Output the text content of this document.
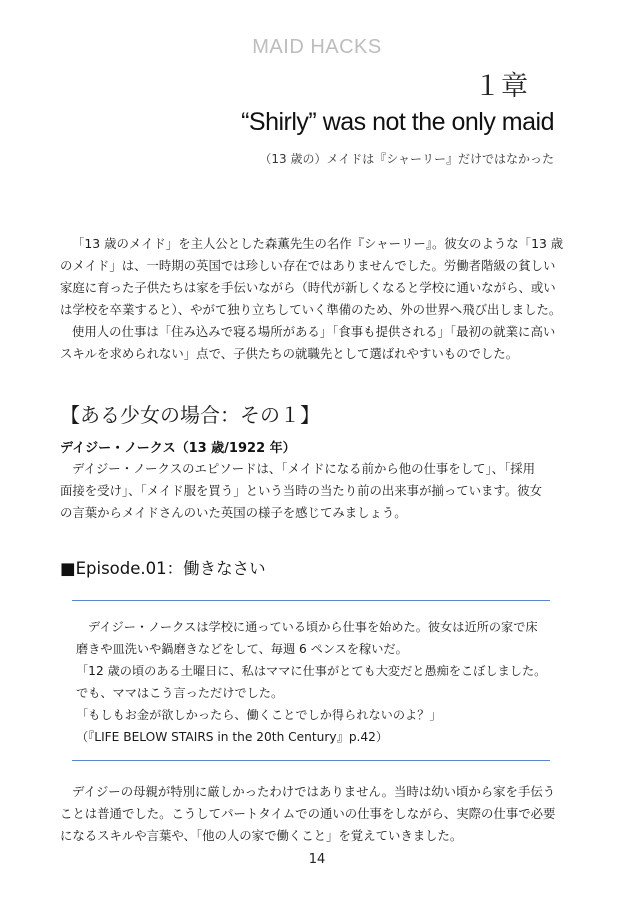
MAID HACKS
１章
“Shirly” was not the only maid
（13 歳の）メイドは『シャーリー』だけではなかった
「13 歳のメイド」を主人公とした森薫先生の名作『シャーリー』。彼女のような「13 歳
のメイド」は、一時期の英国では珍しい存在ではありませんでした。労働者階級の貧しい
家庭に育った子供たちは家を手伝いながら（時代が新しくなると学校に通いながら、或い
は学校を卒業すると）、やがて独り立ちしていく準備のため、外の世界へ飛び出しました。
使用人の仕事は「住み込みで寝る場所がある」「食事も提供される」「最初の就業に高い
スキルを求められない」点で、子供たちの就職先として選ばれやすいものでした。
【ある少女の場合：その１】
デイジー・ノークス（13 歳/1922 年）
デイジー・ノークスのエピソードは、「メイドになる前から他の仕事をして」、「採用
面接を受け」、「メイド服を買う」という当時の当たり前の出来事が揃っています。彼女
の言葉からメイドさんのいた英国の様子を感じてみましょう。
■Episode.01：働きなさい
デイジー・ノークスは学校に通っている頃から仕事を始めた。彼女は近所の家で床
磨きや皿洗いや鍋磨きなどをして、毎週 6 ペンスを稼いだ。
「12 歳の頃のある土曜日に、私はママに仕事がとても大変だと愚痴をこぼしました。
でも、ママはこう言っただけでした。
「もしもお金が欲しかったら、働くことでしか得られないのよ？」
（『LIFE BELOW STAIRS in the 20th Century』p.42）
デイジーの母親が特別に厳しかったわけではありません。当時は幼い頃から家を手伝う
ことは普通でした。こうしてパートタイムでの通いの仕事をしながら、実際の仕事で必要
になるスキルや言葉や、「他の人の家で働くこと」を覚えていきました。
14
